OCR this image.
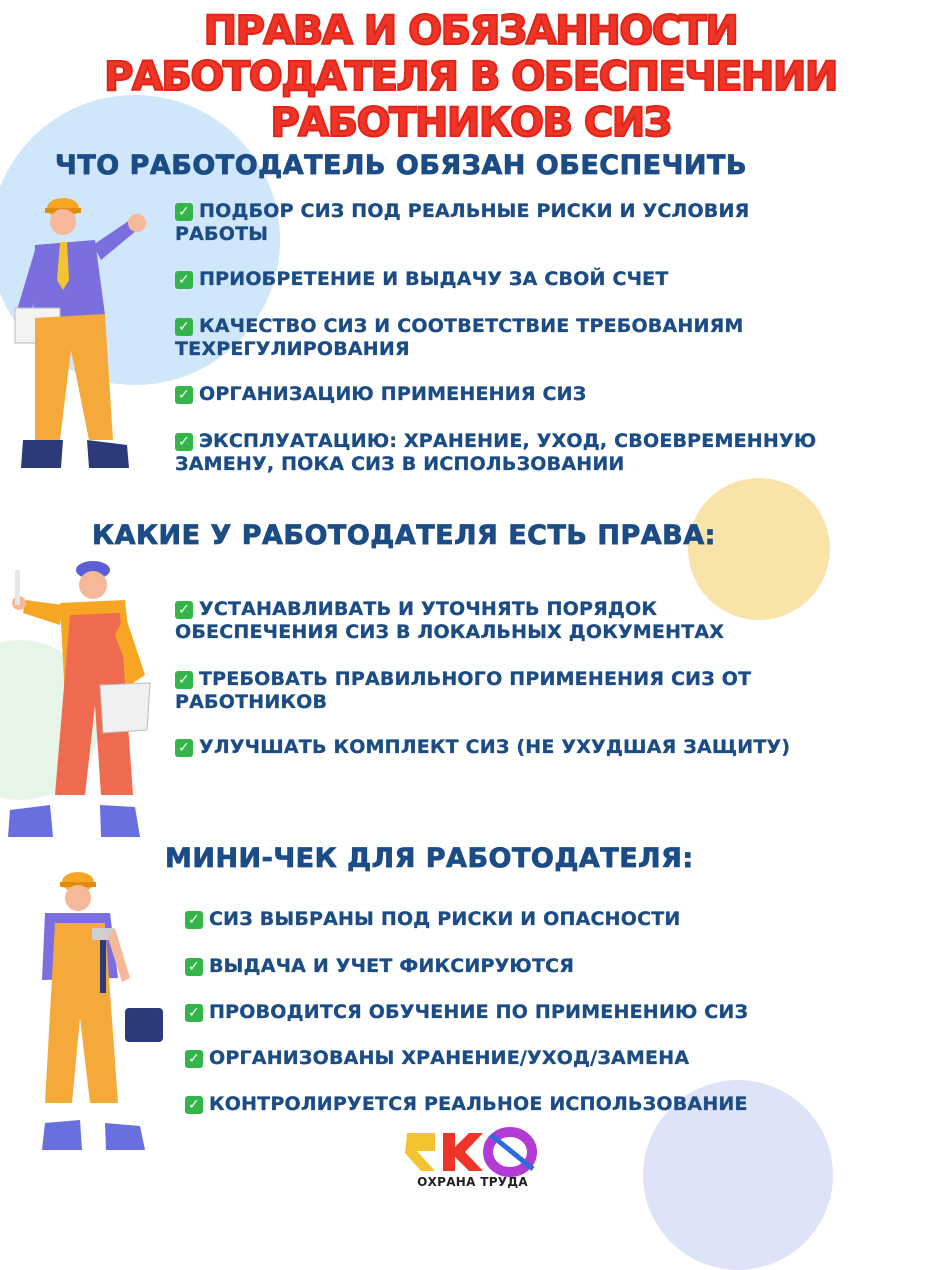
ПРАВА И ОБЯЗАННОСТИ
РАБОТОДАТЕЛЯ В ОБЕСПЕЧЕНИИ
РАБОТНИКОВ СИЗ
ЧТО РАБОТОДАТЕЛЬ ОБЯЗАН ОБЕСПЕЧИТЬ
✓ ПОДБОР СИЗ ПОД РЕАЛЬНЫЕ РИСКИ И УСЛОВИЯ
РАБОТЫ
✓ ПРИОБРЕТЕНИЕ И ВЫДАЧУ ЗА СВОЙ СЧЕТ
✓ КАЧЕСТВО СИЗ И СООТВЕТСТВИЕ ТРЕБОВАНИЯМ
ТЕХРЕГУЛИРОВАНИЯ
✓ ОРГАНИЗАЦИЮ ПРИМЕНЕНИЯ СИЗ
✓ ЭКСПЛУАТАЦИЮ: ХРАНЕНИЕ, УХОД, СВОЕВРЕМЕННУЮ
ЗАМЕНУ, ПОКА СИЗ В ИСПОЛЬЗОВАНИИ
КАКИЕ У РАБОТОДАТЕЛЯ ЕСТЬ ПРАВА:
✓ УСТАНАВЛИВАТЬ И УТОЧНЯТЬ ПОРЯДОК
ОБЕСПЕЧЕНИЯ СИЗ В ЛОКАЛЬНЫХ ДОКУМЕНТАХ
✓ ТРЕБОВАТЬ ПРАВИЛЬНОГО ПРИМЕНЕНИЯ СИЗ ОТ
РАБОТНИКОВ
✓ УЛУЧШАТЬ КОМПЛЕКТ СИЗ (НЕ УХУДШАЯ ЗАЩИТУ)
МИНИ-ЧЕК ДЛЯ РАБОТОДАТЕЛЯ:
✓ СИЗ ВЫБРАНЫ ПОД РИСКИ И ОПАСНОСТИ
✓ ВЫДАЧА И УЧЕТ ФИКСИРУЮТСЯ
✓ ПРОВОДИТСЯ ОБУЧЕНИЕ ПО ПРИМЕНЕНИЮ СИЗ
✓ ОРГАНИЗОВАНЫ ХРАНЕНИЕ/УХОД/ЗАМЕНА
✓ КОНТРОЛИРУЕТСЯ РЕАЛЬНОЕ ИСПОЛЬЗОВАНИЕ
ОХРАНА ТРУДА
